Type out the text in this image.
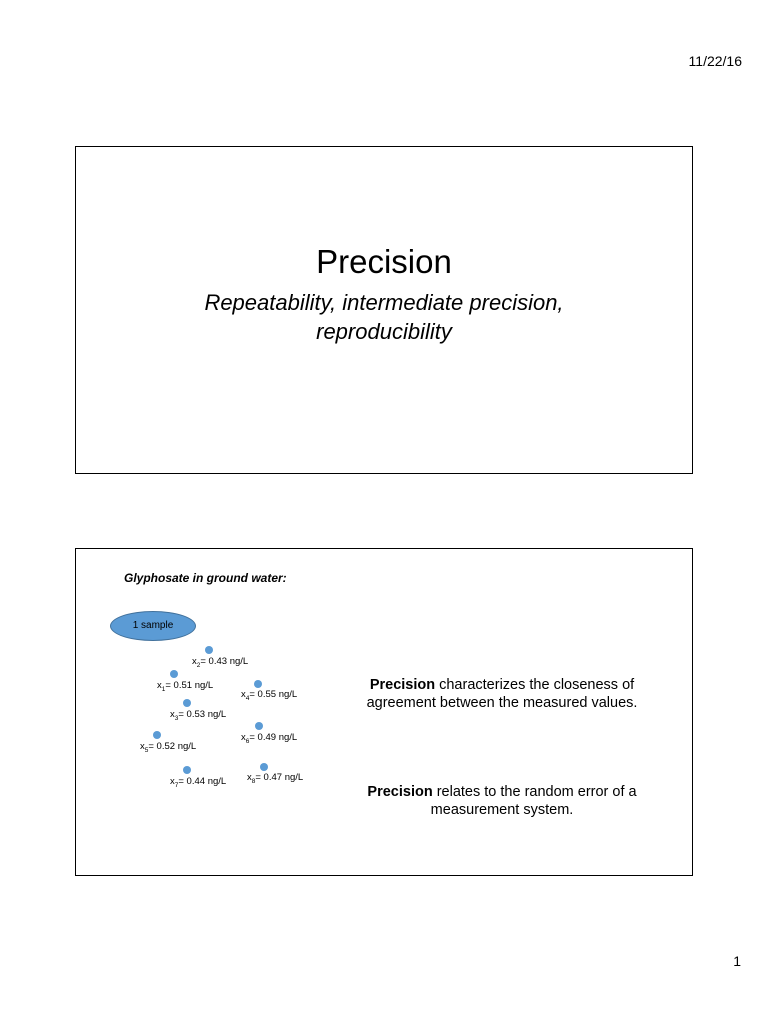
11/22/16
Precision
Repeatability, intermediate precision,
reproducibility
Glyphosate in ground water:
1 sample
$x_2= 0.43$ ng/L
$x_1= 0.51$ ng/L
$x_4= 0.55$ ng/L
$x_3= 0.53$ ng/L
$x_6= 0.49$ ng/L
$x_5= 0.52$ ng/L
$x_7= 0.44$ ng/L $x_8= 0.47$ ng/L
Precision characterizes the closeness of agreement between the measured values.
Precision relates to the random error of a measurement system.
1
